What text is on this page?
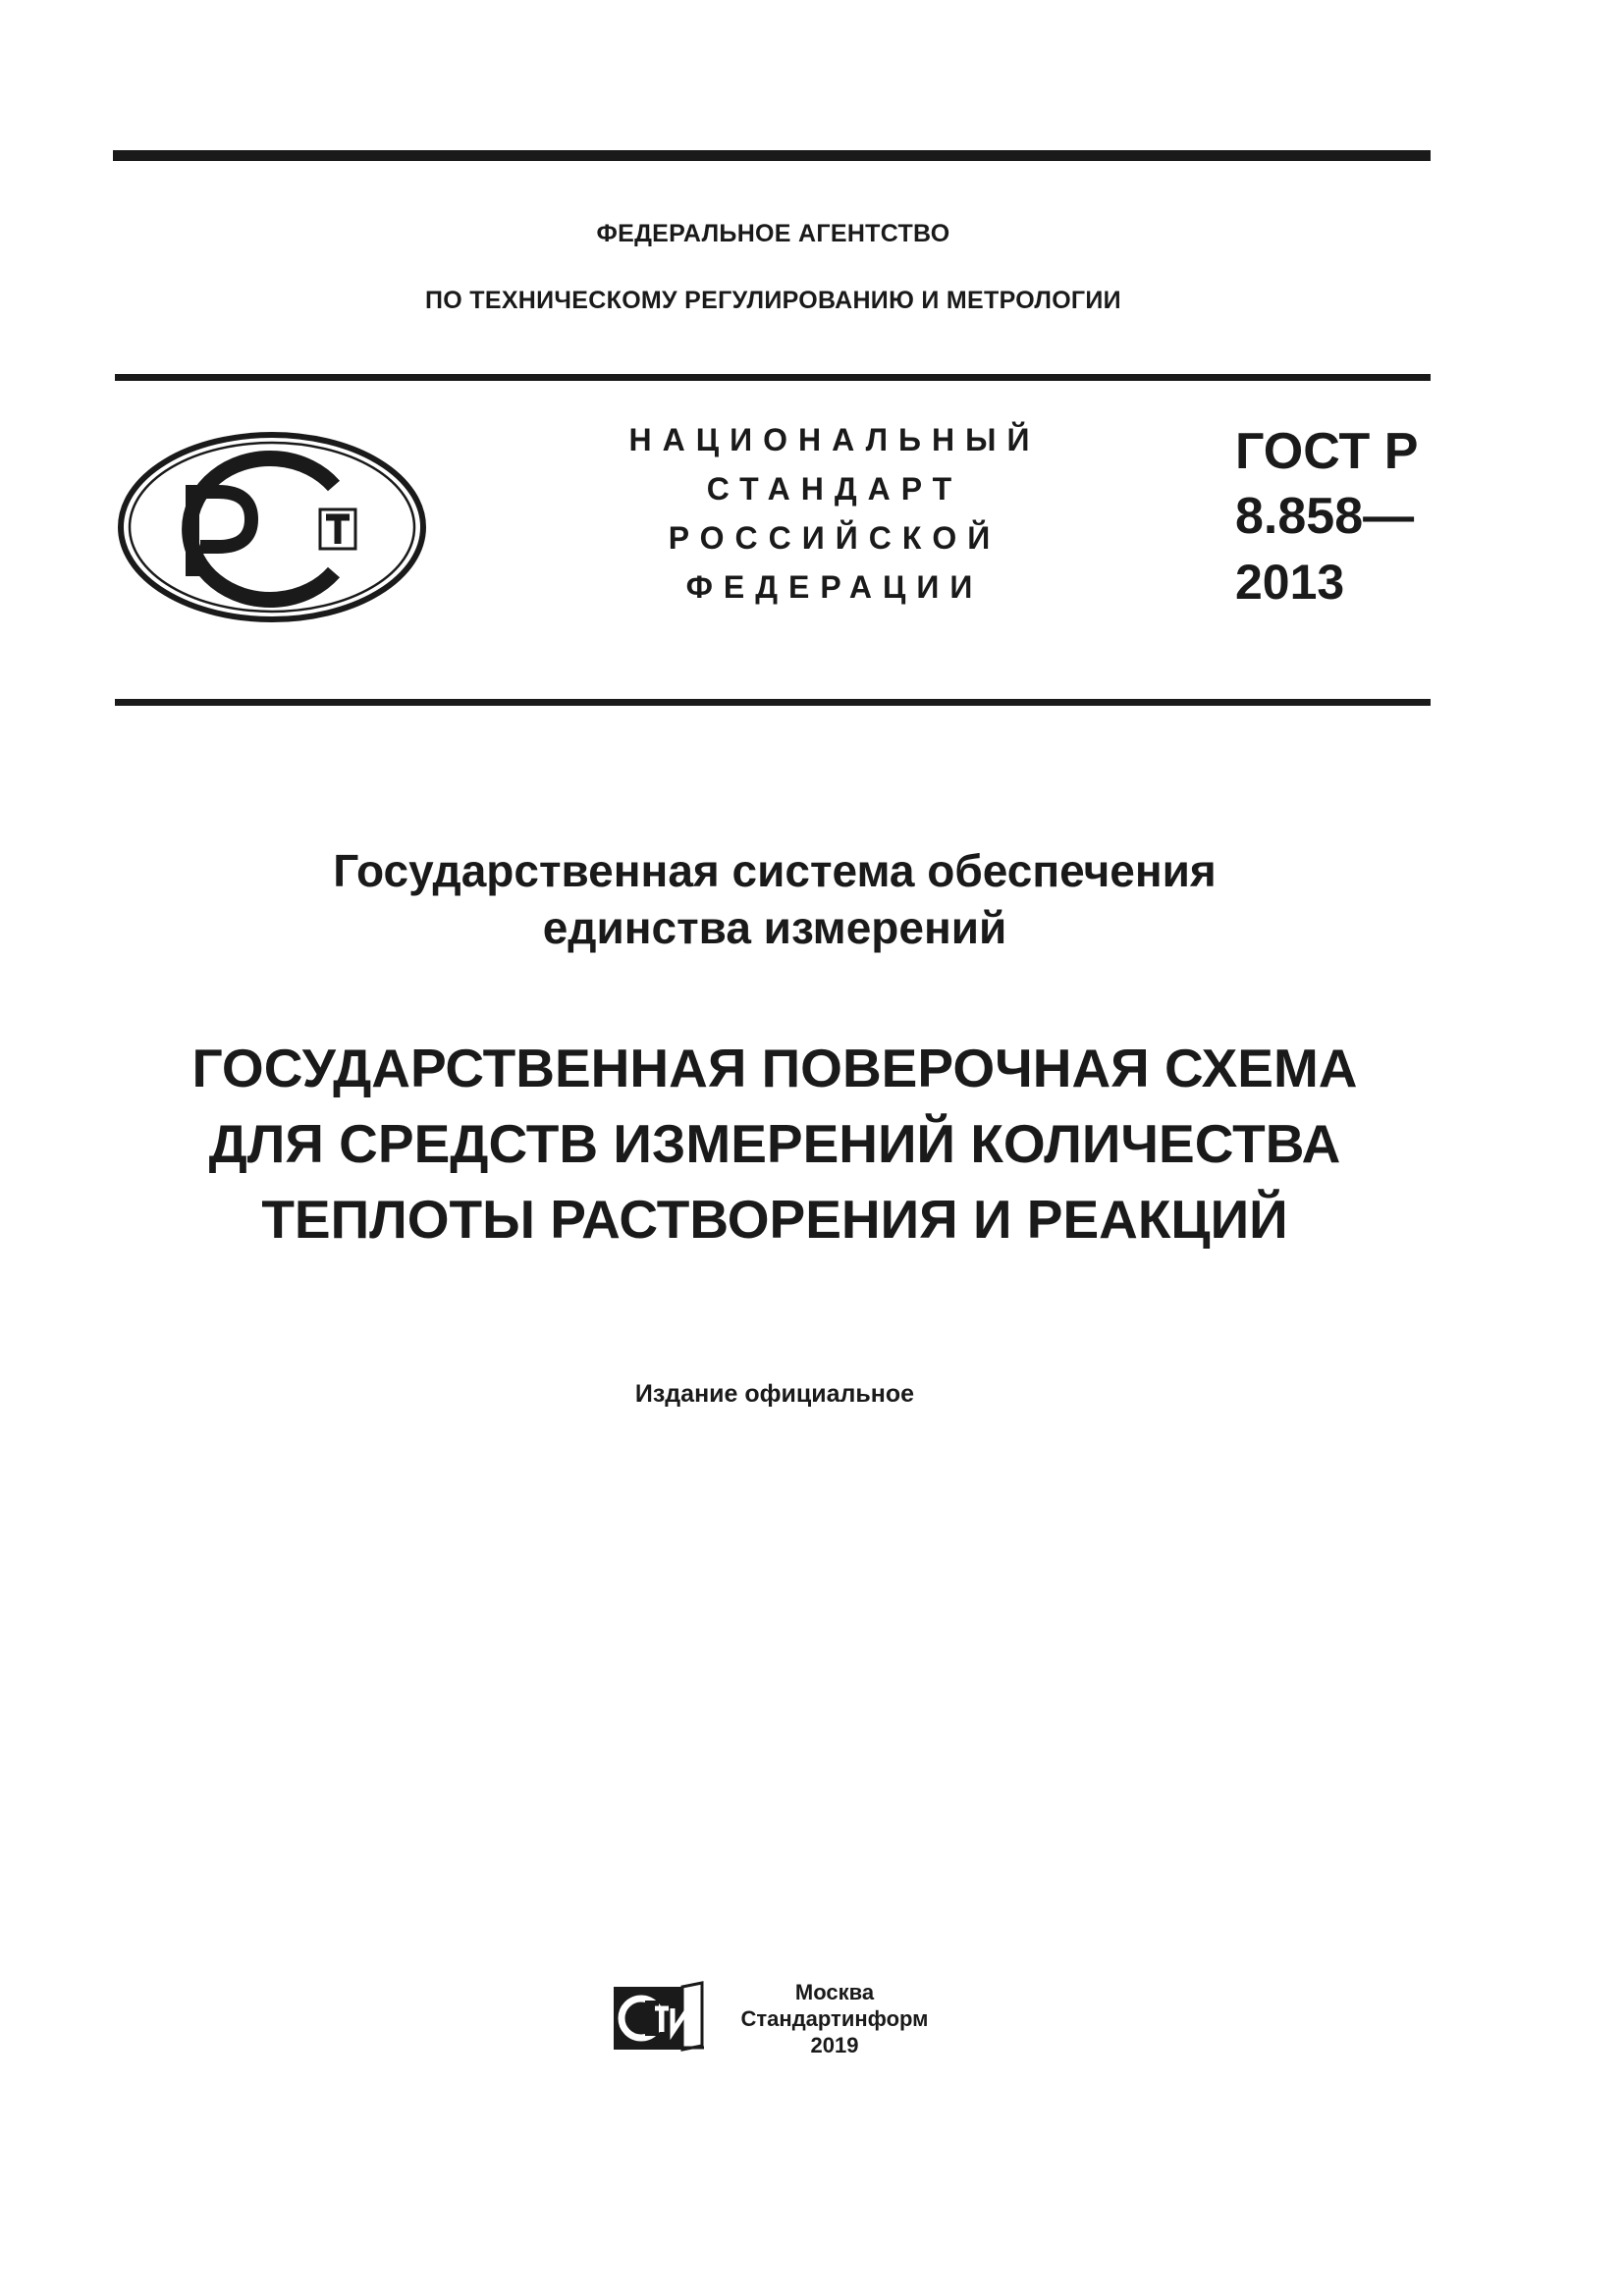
ФЕДЕРАЛЬНОЕ АГЕНТСТВО
ПО ТЕХНИЧЕСКОМУ РЕГУЛИРОВАНИЮ И МЕТРОЛОГИИ
НАЦИОНАЛЬНЫЙ
СТАНДАРТ
РОССИЙСКОЙ
ФЕДЕРАЦИИ
ГОСТ Р
8.858—
2013
Государственная система обеспечения
единства измерений
ГОСУДАРСТВЕННАЯ ПОВЕРОЧНАЯ СХЕМА
ДЛЯ СРЕДСТВ ИЗМЕРЕНИЙ КОЛИЧЕСТВА
ТЕПЛОТЫ РАСТВОРЕНИЯ И РЕАКЦИЙ
Издание официальное
Москва
Стандартинформ
2019
